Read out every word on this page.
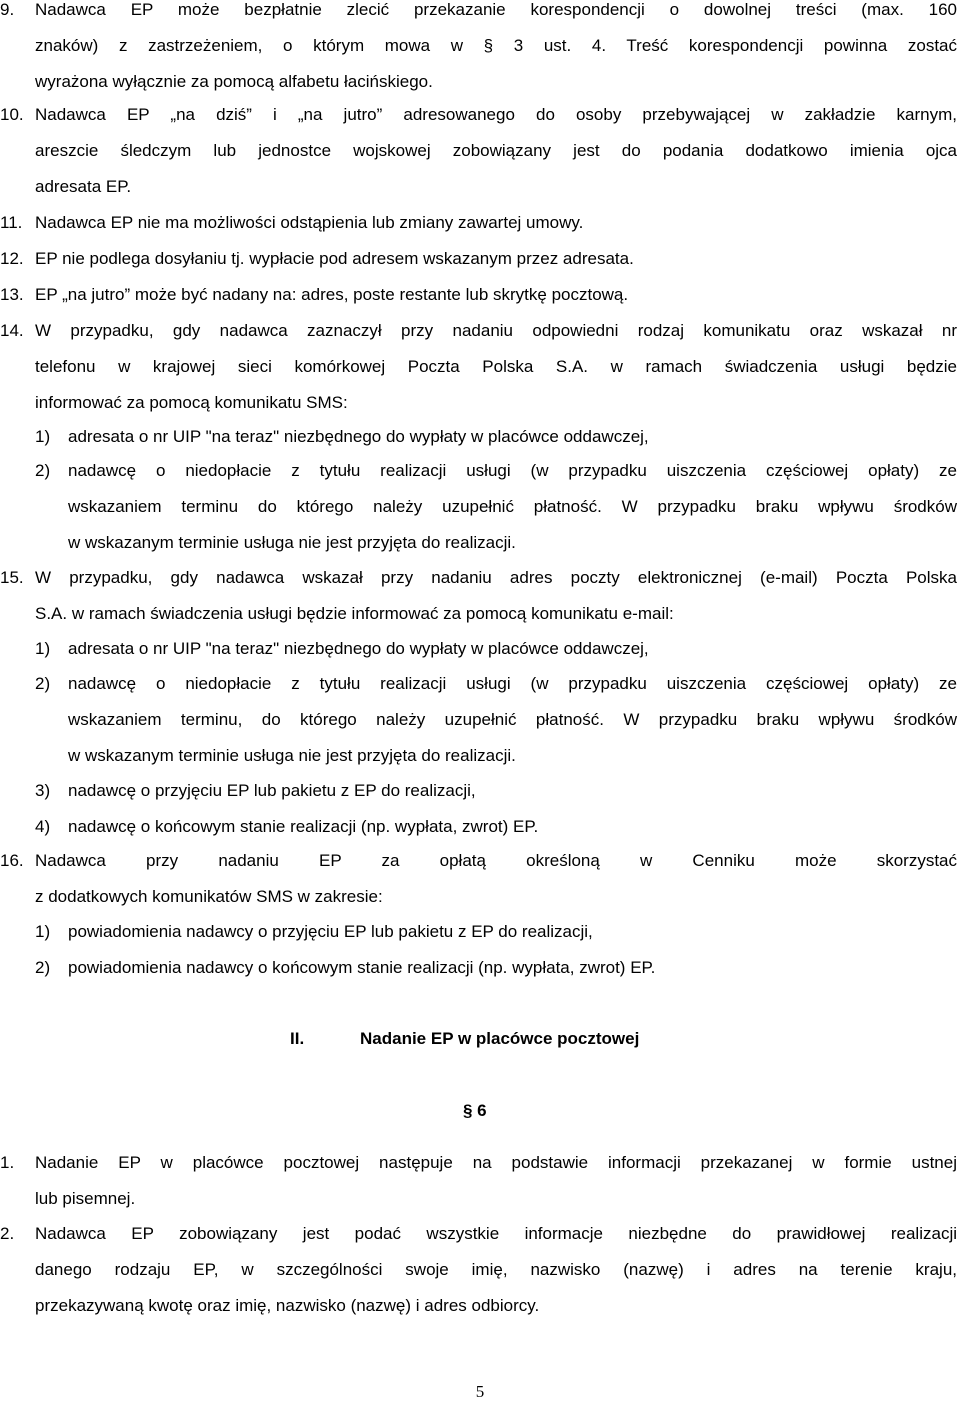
9. Nadawca EP może bezpłatnie zlecić przekazanie korespondencji o dowolnej treści (max. 160
znaków) z zastrzeżeniem, o którym mowa w § 3 ust. 4. Treść korespondencji powinna zostać
wyrażona wyłącznie za pomocą alfabetu łacińskiego.
10. Nadawca EP „na dziś” i „na jutro” adresowanego do osoby przebywającej w zakładzie karnym,
areszcie śledczym lub jednostce wojskowej zobowiązany jest do podania dodatkowo imienia ojca
adresata EP.
11. Nadawca EP nie ma możliwości odstąpienia lub zmiany zawartej umowy.
12. EP nie podlega dosyłaniu tj. wypłacie pod adresem wskazanym przez adresata.
13. EP „na jutro” może być nadany na: adres, poste restante lub skrytkę pocztową.
14. W przypadku, gdy nadawca zaznaczył przy nadaniu odpowiedni rodzaj komunikatu oraz wskazał nr
telefonu w krajowej sieci komórkowej Poczta Polska S.A. w ramach świadczenia usługi będzie
informować za pomocą komunikatu SMS:
1) adresata o nr UIP "na teraz" niezbędnego do wypłaty w placówce oddawczej,
2) nadawcę o niedopłacie z tytułu realizacji usługi (w przypadku uiszczenia częściowej opłaty) ze
wskazaniem terminu do którego należy uzupełnić płatność. W przypadku braku wpływu środków
w wskazanym terminie usługa nie jest przyjęta do realizacji.
15. W przypadku, gdy nadawca wskazał przy nadaniu adres poczty elektronicznej (e-mail) Poczta Polska
S.A. w ramach świadczenia usługi będzie informować za pomocą komunikatu e-mail:
1) adresata o nr UIP "na teraz" niezbędnego do wypłaty w placówce oddawczej,
2) nadawcę o niedopłacie z tytułu realizacji usługi (w przypadku uiszczenia częściowej opłaty) ze
wskazaniem terminu, do którego należy uzupełnić płatność. W przypadku braku wpływu środków
w wskazanym terminie usługa nie jest przyjęta do realizacji.
3) nadawcę o przyjęciu EP lub pakietu z EP do realizacji,
4) nadawcę o końcowym stanie realizacji (np. wypłata, zwrot) EP.
16. Nadawca przy nadaniu EP za opłatą określoną w Cenniku może skorzystać
z dodatkowych komunikatów SMS w zakresie:
1) powiadomienia nadawcy o przyjęciu EP lub pakietu z EP do realizacji,
2) powiadomienia nadawcy o końcowym stanie realizacji (np. wypłata, zwrot) EP.
II.	Nadanie EP w placówce pocztowej
§ 6
1. Nadanie EP w placówce pocztowej następuje na podstawie informacji przekazanej w formie ustnej
lub pisemnej.
2. Nadawca EP zobowiązany jest podać wszystkie informacje niezbędne do prawidłowej realizacji
danego rodzaju EP, w szczególności swoje imię, nazwisko (nazwę) i adres na terenie kraju,
przekazywaną kwotę oraz imię, nazwisko (nazwę) i adres odbiorcy.
5
